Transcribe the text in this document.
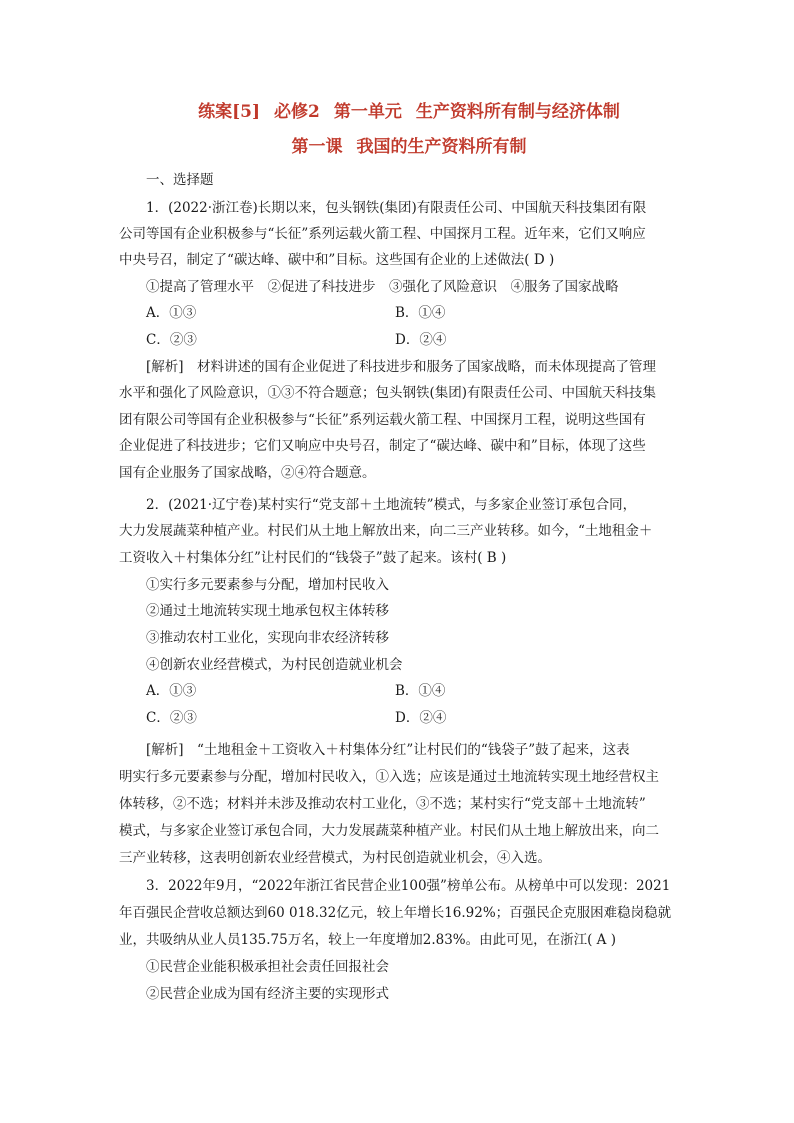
练案[5] 必修2 第一单元 生产资料所有制与经济体制
第一课 我国的生产资料所有制
一、选择题
1．(2022·浙江卷)长期以来，包头钢铁(集团)有限责任公司、中国航天科技集团有限
公司等国有企业积极参与“长征”系列运载火箭工程、中国探月工程。近年来，它们又响应
中央号召，制定了“碳达峰、碳中和”目标。这些国有企业的上述做法( D )
①提高了管理水平　②促进了科技进步　③强化了风险意识　④服务了国家战略
A．①③	B．①④
C．②③	D．②④
[解析]　材料讲述的国有企业促进了科技进步和服务了国家战略，而未体现提高了管理
水平和强化了风险意识，①③不符合题意；包头钢铁(集团)有限责任公司、中国航天科技集
团有限公司等国有企业积极参与“长征”系列运载火箭工程、中国探月工程，说明这些国有
企业促进了科技进步；它们又响应中央号召，制定了“碳达峰、碳中和”目标，体现了这些
国有企业服务了国家战略，②④符合题意。
2．(2021·辽宁卷)某村实行“党支部＋土地流转”模式，与多家企业签订承包合同，
大力发展蔬菜种植产业。村民们从土地上解放出来，向二三产业转移。如今，“土地租金＋
工资收入＋村集体分红”让村民们的“钱袋子”鼓了起来。该村( B )
①实行多元要素参与分配，增加村民收入
②通过土地流转实现土地承包权主体转移
③推动农村工业化，实现向非农经济转移
④创新农业经营模式，为村民创造就业机会
A．①③	B．①④
C．②③	D．②④
[解析]　“土地租金＋工资收入＋村集体分红”让村民们的“钱袋子”鼓了起来，这表
明实行多元要素参与分配，增加村民收入，①入选；应该是通过土地流转实现土地经营权主
体转移，②不选；材料并未涉及推动农村工业化，③不选；某村实行“党支部＋土地流转”
模式，与多家企业签订承包合同，大力发展蔬菜种植产业。村民们从土地上解放出来，向二
三产业转移，这表明创新农业经营模式，为村民创造就业机会，④入选。
3．2022年9月，“2022年浙江省民营企业100强”榜单公布。从榜单中可以发现：2021
年百强民企营收总额达到60 018.32亿元，较上年增长16.92%；百强民企克服困难稳岗稳就
业，共吸纳从业人员135.75万名，较上一年度增加2.83%。由此可见，在浙江( A )
①民营企业能积极承担社会责任回报社会
②民营企业成为国有经济主要的实现形式
